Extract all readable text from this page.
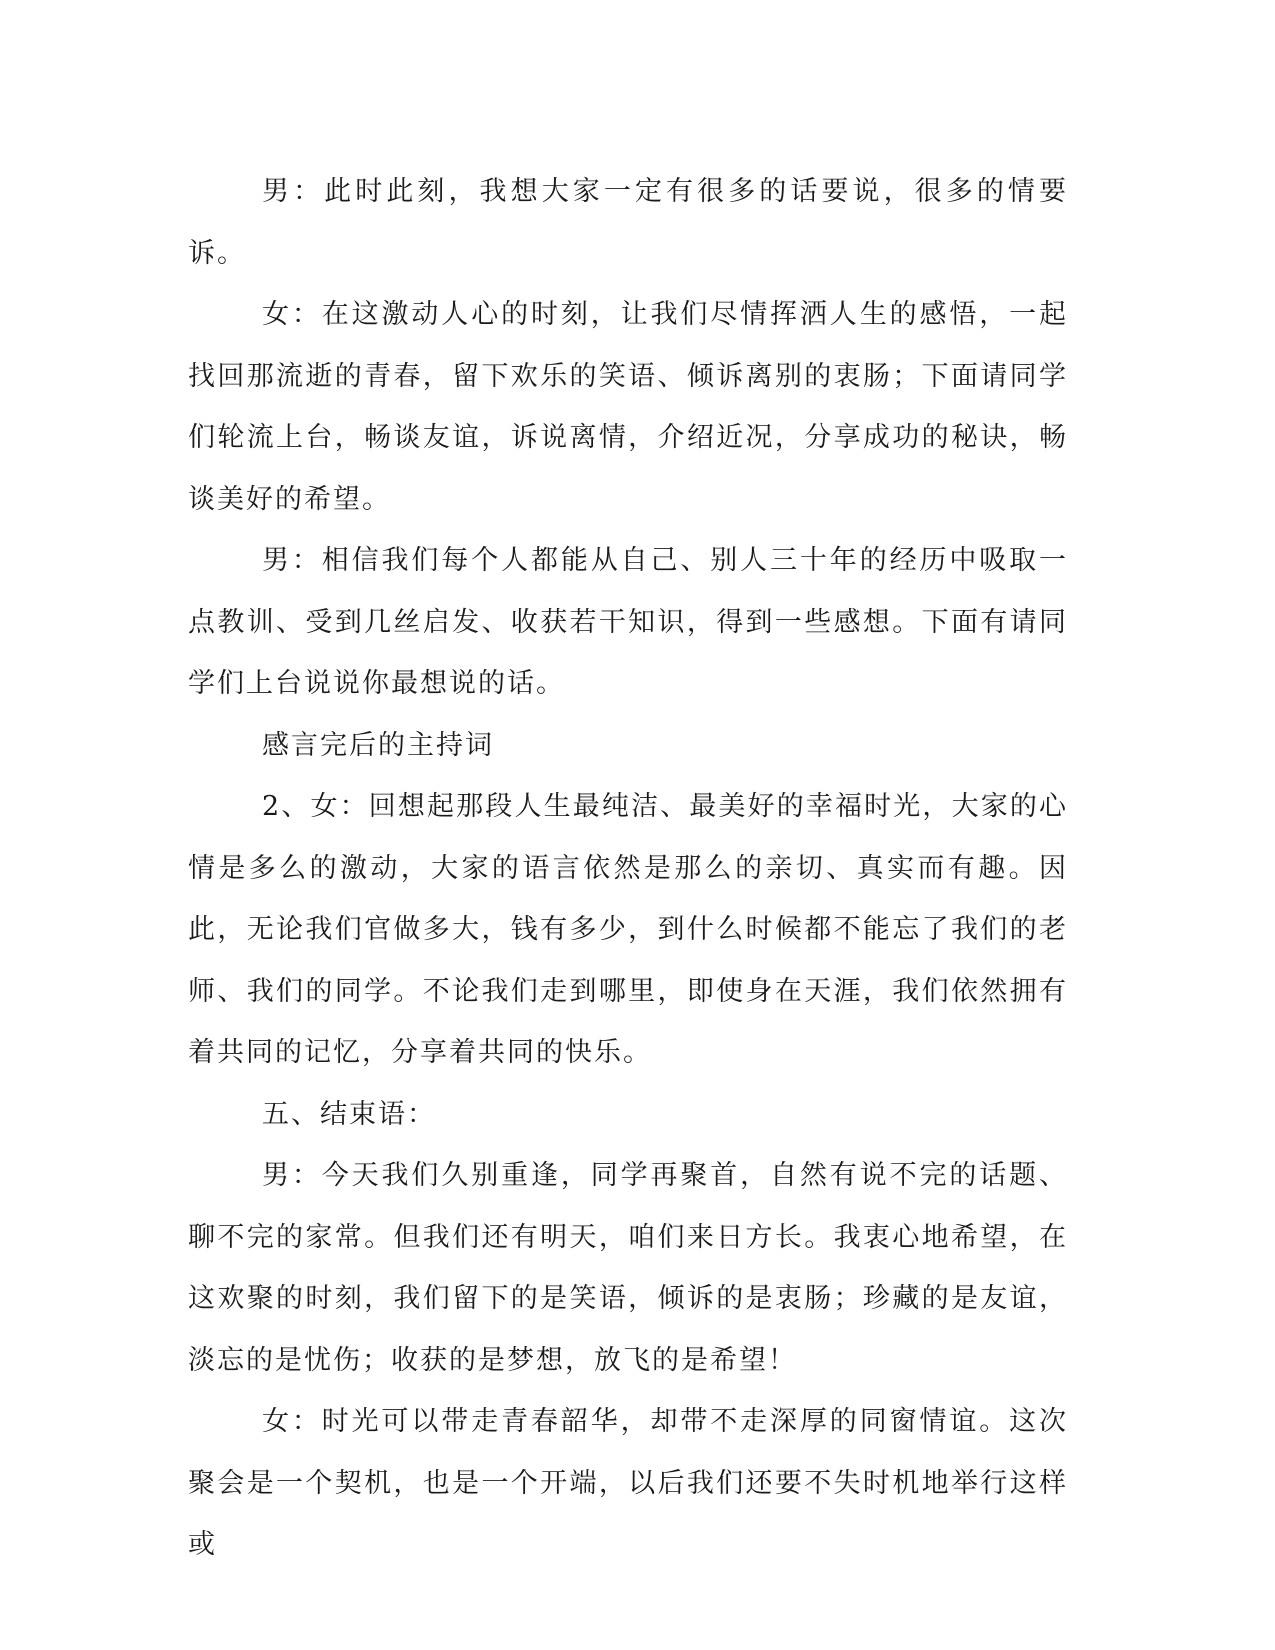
男：此时此刻，我想大家一定有很多的话要说，很多的情要诉。

女：在这激动人心的时刻，让我们尽情挥洒人生的感悟，一起找回那流逝的青春，留下欢乐的笑语、倾诉离别的衷肠；下面请同学们轮流上台，畅谈友谊，诉说离情，介绍近况，分享成功的秘诀，畅谈美好的希望。

男：相信我们每个人都能从自己、别人三十年的经历中吸取一点教训、受到几丝启发、收获若干知识，得到一些感想。下面有请同学们上台说说你最想说的话。

感言完后的主持词

2、女：回想起那段人生最纯洁、最美好的幸福时光，大家的心情是多么的激动，大家的语言依然是那么的亲切、真实而有趣。因此，无论我们官做多大，钱有多少，到什么时候都不能忘了我们的老师、我们的同学。不论我们走到哪里，即使身在天涯，我们依然拥有着共同的记忆，分享着共同的快乐。

五、结束语：

男：今天我们久别重逢，同学再聚首，自然有说不完的话题、聊不完的家常。但我们还有明天，咱们来日方长。我衷心地希望，在这欢聚的时刻，我们留下的是笑语，倾诉的是衷肠；珍藏的是友谊，淡忘的是忧伤；收获的是梦想，放飞的是希望！

女：时光可以带走青春韶华，却带不走深厚的同窗情谊。这次聚会是一个契机，也是一个开端，以后我们还要不失时机地举行这样或
